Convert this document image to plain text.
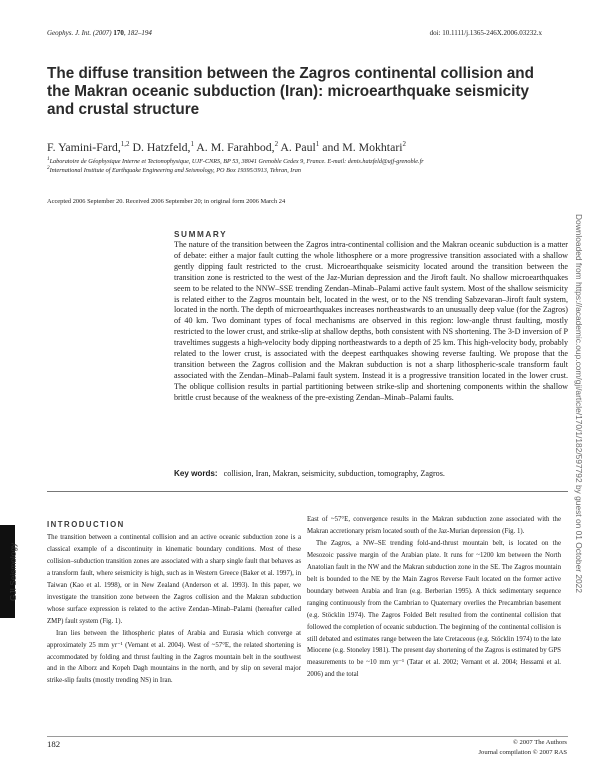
Geophys. J. Int. (2007) 170, 182–194	doi: 10.1111/j.1365-246X.2006.03232.x
The diffuse transition between the Zagros continental collision and the Makran oceanic subduction (Iran): microearthquake seismicity and crustal structure
F. Yamini-Fard,$^{1,2}$ D. Hatzfeld,$^1$ A. M. Farahbod,$^2$ A. Paul$^1$ and M. Mokhtari$^2$
$^1$Laboratoire de Géophysique Interne et Tectonophysique, UJF-CNRS, BP 53, 38041 Grenoble Cedex 9, France. E-mail: denis.hatzfeld@ujf-grenoble.fr
$^2$International Institute of Earthquake Engineering and Seismology, PO Box 19395/3913, Tehran, Iran
Accepted 2006 September 20. Received 2006 September 20; in original form 2006 March 24
SUMMARY

The nature of the transition between the Zagros intra-continental collision and the Makran oceanic subduction is a matter of debate: either a major fault cutting the whole lithosphere or a more progressive transition associated with a shallow gently dipping fault restricted to the crust. Microearthquake seismicity located around the transition between the transition zone is restricted to the west of the Jaz-Murian depression and the Jiroft fault. No shallow microearthquakes seem to be related to the NNW–SSE trending Zendan–Minab–Palami active fault system. Most of the shallow seismicity is related either to the Zagros mountain belt, located in the west, or to the NS trending Sabzevaran–Jiroft fault system, located in the north. The depth of microearthquakes increases northeastwards to an unusually deep value (for the Zagros) of 40 km. Two dominant types of focal mechanisms are observed in this region: low-angle thrust faulting, mostly restricted to the lower crust, and strike-slip at shallow depths, both consistent with NS shortening. The 3-D inversion of P traveltimes suggests a high-velocity body dipping northeastwards to a depth of 25 km. This high-velocity body, probably related to the lower crust, is associated with the deepest earthquakes showing reverse faulting. We propose that the transition between the Zagros collision and the Makran subduction is not a sharp lithospheric-scale transform fault associated with the Zendan–Minab–Palami fault system. Instead it is a progressive transition located in the lower crust. The oblique collision results in partial partitioning between strike-slip and shortening components within the shallow brittle crust because of the weakness of the pre-existing Zendan–Minab–Palami faults.

Key words: collision, Iran, Makran, seismicity, subduction, tomography, Zagros.
GJI Seismology	Downloaded from https://academic.oup.com/gji/article/170/1/182/597792 by guest on 01 October 2022
INTRODUCTION

The transition between a continental collision and an active oceanic subduction zone is a classical example of a discontinuity in kinematic boundary conditions. Most of these collision–subduction transition zones are associated with a sharp single fault that behaves as a transform fault, where seismicity is high, such as in Western Greece (Baker et al. 1997), in Taiwan (Kao et al. 1998), or in New Zealand (Anderson et al. 1993). In this paper, we investigate the transition zone between the Zagros collision and the Makran subduction whose surface expression is related to the active Zendan–Minab–Palami (hereafter called ZMP) fault system (Fig. 1).

Iran lies between the lithospheric plates of Arabia and Eurasia which converge at approximately 25 mm yr⁻¹ (Vernant et al. 2004). West of ~57°E, the related shortening is accommodated by folding and thrust faulting in the Zagros mountain belt in the southwest and in the Alborz and Kopeh Dagh mountains in the north, and by slip on several major strike-slip faults (mostly trending NS) in Iran.

East of ~57°E, convergence results in the Makran subduction zone associated with the Makran accretionary prism located south of the Jaz-Murian depression (Fig. 1).

The Zagros, a NW–SE trending fold-and-thrust mountain belt, is located on the Mesozoic passive margin of the Arabian plate. It runs for ~1200 km between the North Anatolian fault in the NW and the Makran subduction zone in the SE. The Zagros mountain belt is bounded to the NE by the Main Zagros Reverse Fault located on the former active boundary between Arabia and Iran (e.g. Berberian 1995). A thick sedimentary sequence ranging continuously from the Cambrian to Quaternary overlies the Precambrian basement (e.g. Stöcklin 1974). The Zagros Folded Belt resulted from the continental collision that followed the completion of oceanic subduction. The beginning of the continental collision is still debated and estimates range between the late Cretaceous (e.g. Stöcklin 1974) to the late Miocene (e.g. Stoneley 1981). The present day shortening of the Zagros is estimated by GPS measurements to be ~10 mm yr⁻¹ (Tatar et al. 2002; Vernant et al. 2004; Hessami et al. 2006) and the total

182	© 2007 The Authors
Journal compilation © 2007 RAS
